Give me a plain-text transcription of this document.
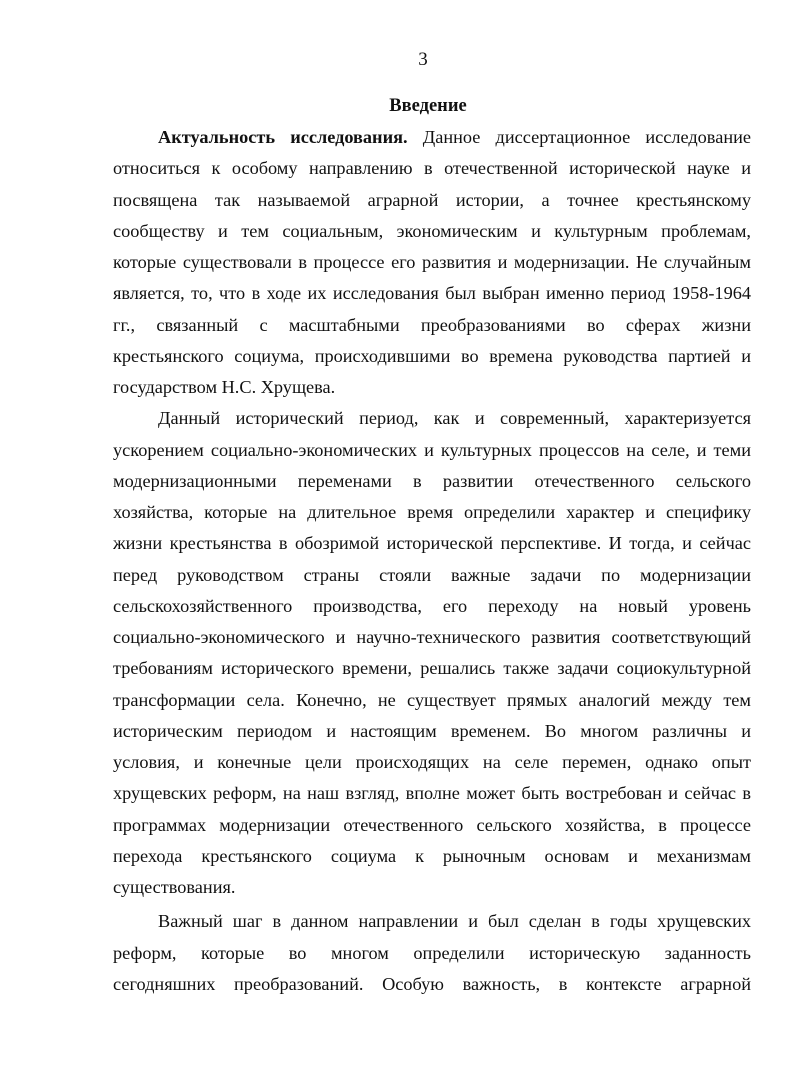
3
Введение
Актуальность исследования. Данное диссертационное исследование
относиться к особому направлению в отечественной исторической науке и
посвящена так называемой аграрной истории, а точнее крестьянскому
сообществу и тем социальным, экономическим и культурным проблемам,
которые существовали в процессе его развития и модернизации. Не случайным
является, то, что в ходе их исследования был выбран именно период 1958-1964
гг., связанный с масштабными преобразованиями во сферах жизни
крестьянского социума, происходившими во времена руководства партией и
государством Н.С. Хрущева.
Данный исторический период, как и современный, характеризуется
ускорением социально-экономических и культурных процессов на селе, и теми
модернизационными переменами в развитии отечественного сельского
хозяйства, которые на длительное время определили характер и специфику
жизни крестьянства в обозримой исторической перспективе. И тогда, и сейчас
перед руководством страны стояли важные задачи по модернизации
сельскохозяйственного производства, его переходу на новый уровень
социально-экономического и научно-технического развития соответствующий
требованиям исторического времени, решались также задачи социокультурной
трансформации села. Конечно, не существует прямых аналогий между тем
историческим периодом и настоящим временем. Во многом различны и
условия, и конечные цели происходящих на селе перемен, однако опыт
хрущевских реформ, на наш взгляд, вполне может быть востребован и сейчас в
программах модернизации отечественного сельского хозяйства, в процессе
перехода крестьянского социума к рыночным основам и механизмам
существования.
Важный шаг в данном направлении и был сделан в годы хрущевских
реформ, которые во многом определили историческую заданность
сегодняшних преобразований. Особую важность, в контексте аграрной
